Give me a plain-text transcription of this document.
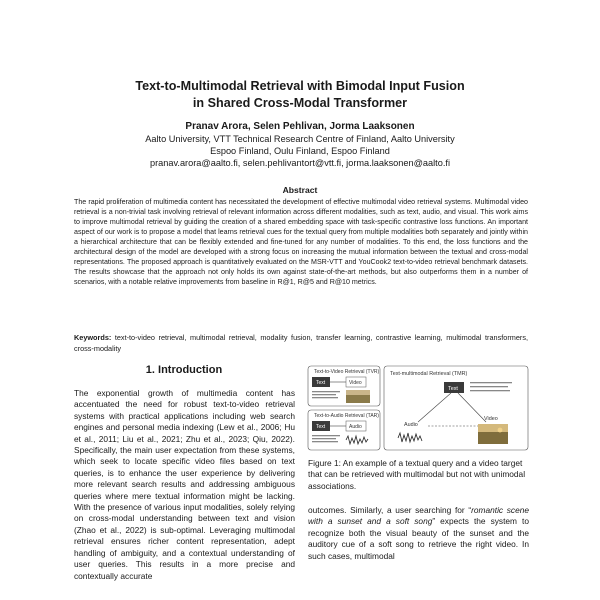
Text-to-Multimodal Retrieval with Bimodal Input Fusion
in Shared Cross-Modal Transformer
Pranav Arora, Selen Pehlivan, Jorma Laaksonen
Aalto University, VTT Technical Research Centre of Finland, Aalto University
Espoo Finland, Oulu Finland, Espoo Finland
pranav.arora@aalto.fi, selen.pehlivantort@vtt.fi, jorma.laaksonen@aalto.fi
Abstract
The rapid proliferation of multimedia content has necessitated the development of effective multimodal video retrieval systems. Multimodal video retrieval is a non-trivial task involving retrieval of relevant information across different modalities, such as text, audio, and visual. This work aims to improve multimodal retrieval by guiding the creation of a shared embedding space with task-specific contrastive loss functions. An important aspect of our work is to propose a model that learns retrieval cues for the textual query from multiple modalities both separately and jointly within a hierarchical architecture that can be flexibly extended and fine-tuned for any number of modalities. To this end, the loss functions and the architectural design of the model are developed with a strong focus on increasing the mutual information between the textual and cross-modal representations. The proposed approach is quantitatively evaluated on the MSR-VTT and YouCook2 text-to-video retrieval benchmark datasets. The results showcase that the approach not only holds its own against state-of-the-art methods, but also outperforms them in a number of scenarios, with a notable relative improvements from baseline in R@1, R@5 and R@10 metrics.
Keywords: text-to-video retrieval, multimodal retrieval, modality fusion, transfer learning, contrastive learning, multimodal transformers, cross-modality
1. Introduction
The exponential growth of multimedia content has accentuated the need for robust text-to-video retrieval systems with practical applications including web search engines and personal media indexing (Lew et al., 2006; Hu et al., 2011; Liu et al., 2021; Zhu et al., 2023; Qiu, 2022). Specifically, the main user expectation from these systems, which seek to locate specific video files based on text queries, is to enhance the user experience by delivering more relevant search results and addressing ambiguous queries where mere textual information might be lacking. With the presence of various input modalities, solely relying on cross-modal understanding between text and vision (Zhao et al., 2022) is sub-optimal. Leveraging multimodal retrieval ensures richer content representation, adept handling of ambiguity, and a contextual understanding of user queries. This results in a more precise and contextually accurate
Text-to-Video Retrieval (TVR)
Text	Video
Text-to-Audio Retrieval (TAR)
Text	Audio
Text-multimodal Retrieval (TMR)
Text
Audio
Video
Figure 1: An example of a textual query and a video target that can be retrieved with multimodal but not with unimodal associations.
outcomes. Similarly, a user searching for “romantic scene with a sunset and a soft song” expects the system to recognize both the visual beauty of the sunset and the auditory cue of a soft song to retrieve the right video. In such cases, multimodal
